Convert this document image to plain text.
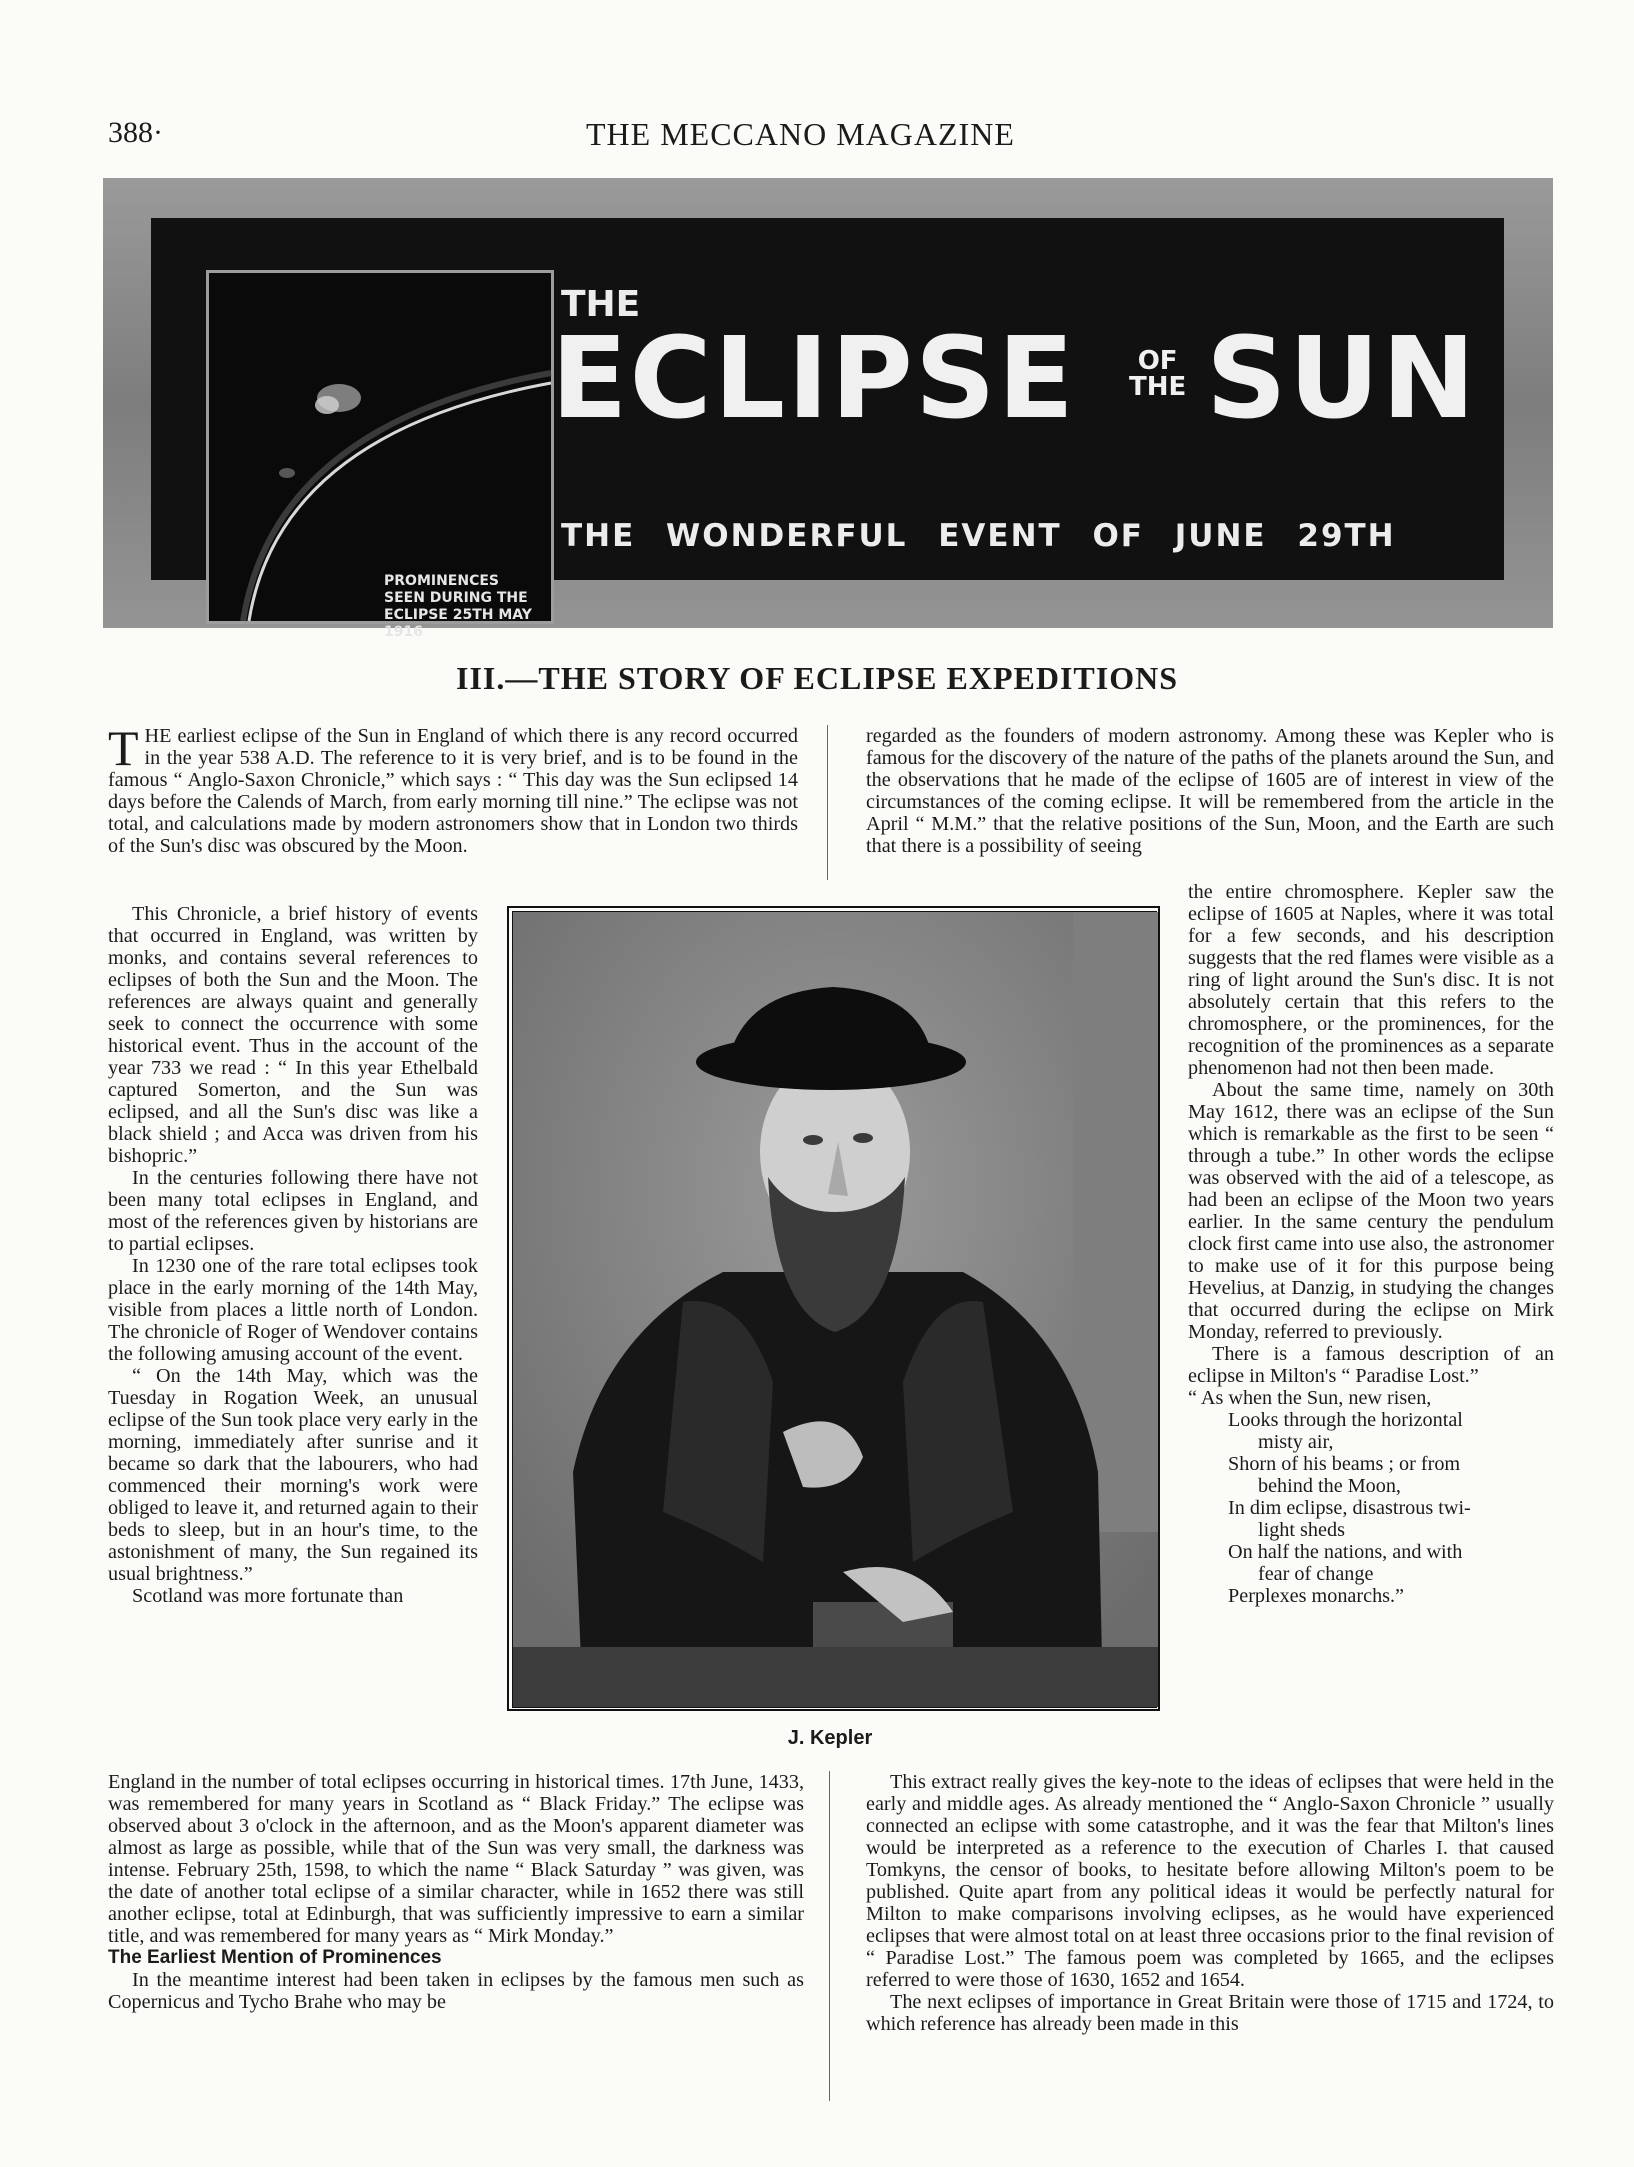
388·	THE MECCANO MAGAZINE
PROMINENCES
SEEN DURING THE
ECLIPSE 25TH MAY 1916
THE
ECLIPSE	OF
THE SUN
THE WONDERFUL EVENT OF JUNE 29TH
III.—THE STORY OF ECLIPSE EXPEDITIONS

THE earliest eclipse of the Sun in England of which there is any record occurred in the year 538 A.D. The reference to it is very brief, and is to be found in the famous “ Anglo-Saxon Chronicle,” which says : “ This day was the Sun eclipsed 14 days before the Calends of March, from early morning till nine.” The eclipse was not total, and calculations made by modern astronomers show that in London two thirds of the Sun's disc was obscured by the Moon.

regarded as the founders of modern astronomy. Among these was Kepler who is famous for the discovery of the nature of the paths of the planets around the Sun, and the observations that he made of the eclipse of 1605 are of interest in view of the circumstances of the coming eclipse. It will be remembered from the article in the April “ M.M.” that the relative positions of the Sun, Moon, and the Earth are such that there is a possibility of seeing

This Chronicle, a brief history of events that occurred in England, was written by monks, and contains several references to eclipses of both the Sun and the Moon. The references are always quaint and generally seek to connect the occurrence with some historical event. Thus in the account of the year 733 we read : “ In this year Ethelbald captured Somerton, and the Sun was eclipsed, and all the Sun's disc was like a black shield ; and Acca was driven from his bishopric.”

In the centuries following there have not been many total eclipses in England, and most of the references given by historians are to partial eclipses.

In 1230 one of the rare total eclipses took place in the early morning of the 14th May, visible from places a little north of London. The chronicle of Roger of Wendover contains the following amusing account of the event.

“ On the 14th May, which was the Tuesday in Rogation Week, an unusual eclipse of the Sun took place very early in the morning, immediately after sunrise and it became so dark that the labourers, who had commenced their morning's work were obliged to leave it, and returned again to their beds to sleep, but in an hour's time, to the astonishment of many, the Sun regained its usual brightness.”

Scotland was more fortunate than

J. Kepler

the entire chromosphere. Kepler saw the eclipse of 1605 at Naples, where it was total for a few seconds, and his description suggests that the red flames were visible as a ring of light around the Sun's disc. It is not absolutely certain that this refers to the chromosphere, or the prominences, for the recognition of the prominences as a separate phenomenon had not then been made.

About the same time, namely on 30th May 1612, there was an eclipse of the Sun which is remarkable as the first to be seen “ through a tube.” In other words the eclipse was observed with the aid of a telescope, as had been an eclipse of the Moon two years earlier. In the same century the pendulum clock first came into use also, the astronomer to make use of it for this purpose being Hevelius, at Danzig, in studying the changes that occurred during the eclipse on Mirk Monday, referred to previously.

There is a famous description of an eclipse in Milton's “ Paradise Lost.”

“ As when the Sun, new risen,

Looks through the horizontal

misty air,

Shorn of his beams ; or from

behind the Moon,

In dim eclipse, disastrous twi-

light sheds

On half the nations, and with

fear of change

Perplexes monarchs.”

England in the number of total eclipses occurring in historical times. 17th June, 1433, was remembered for many years in Scotland as “ Black Friday.” The eclipse was observed about 3 o'clock in the afternoon, and as the Moon's apparent diameter was almost as large as possible, while that of the Sun was very small, the darkness was intense. February 25th, 1598, to which the name “ Black Saturday ” was given, was the date of another total eclipse of a similar character, while in 1652 there was still another eclipse, total at Edinburgh, that was sufficiently impressive to earn a similar title, and was remembered for many years as “ Mirk Monday.”

The Earliest Mention of Prominences

In the meantime interest had been taken in eclipses by the famous men such as Copernicus and Tycho Brahe who may be

This extract really gives the key-note to the ideas of eclipses that were held in the early and middle ages. As already mentioned the “ Anglo-Saxon Chronicle ” usually connected an eclipse with some catastrophe, and it was the fear that Milton's lines would be interpreted as a reference to the execution of Charles I. that caused Tomkyns, the censor of books, to hesitate before allowing Milton's poem to be published. Quite apart from any political ideas it would be perfectly natural for Milton to make comparisons involving eclipses, as he would have experienced eclipses that were almost total on at least three occasions prior to the final revision of “ Paradise Lost.” The famous poem was completed by 1665, and the eclipses referred to were those of 1630, 1652 and 1654.

The next eclipses of importance in Great Britain were those of 1715 and 1724, to which reference has already been made in this
